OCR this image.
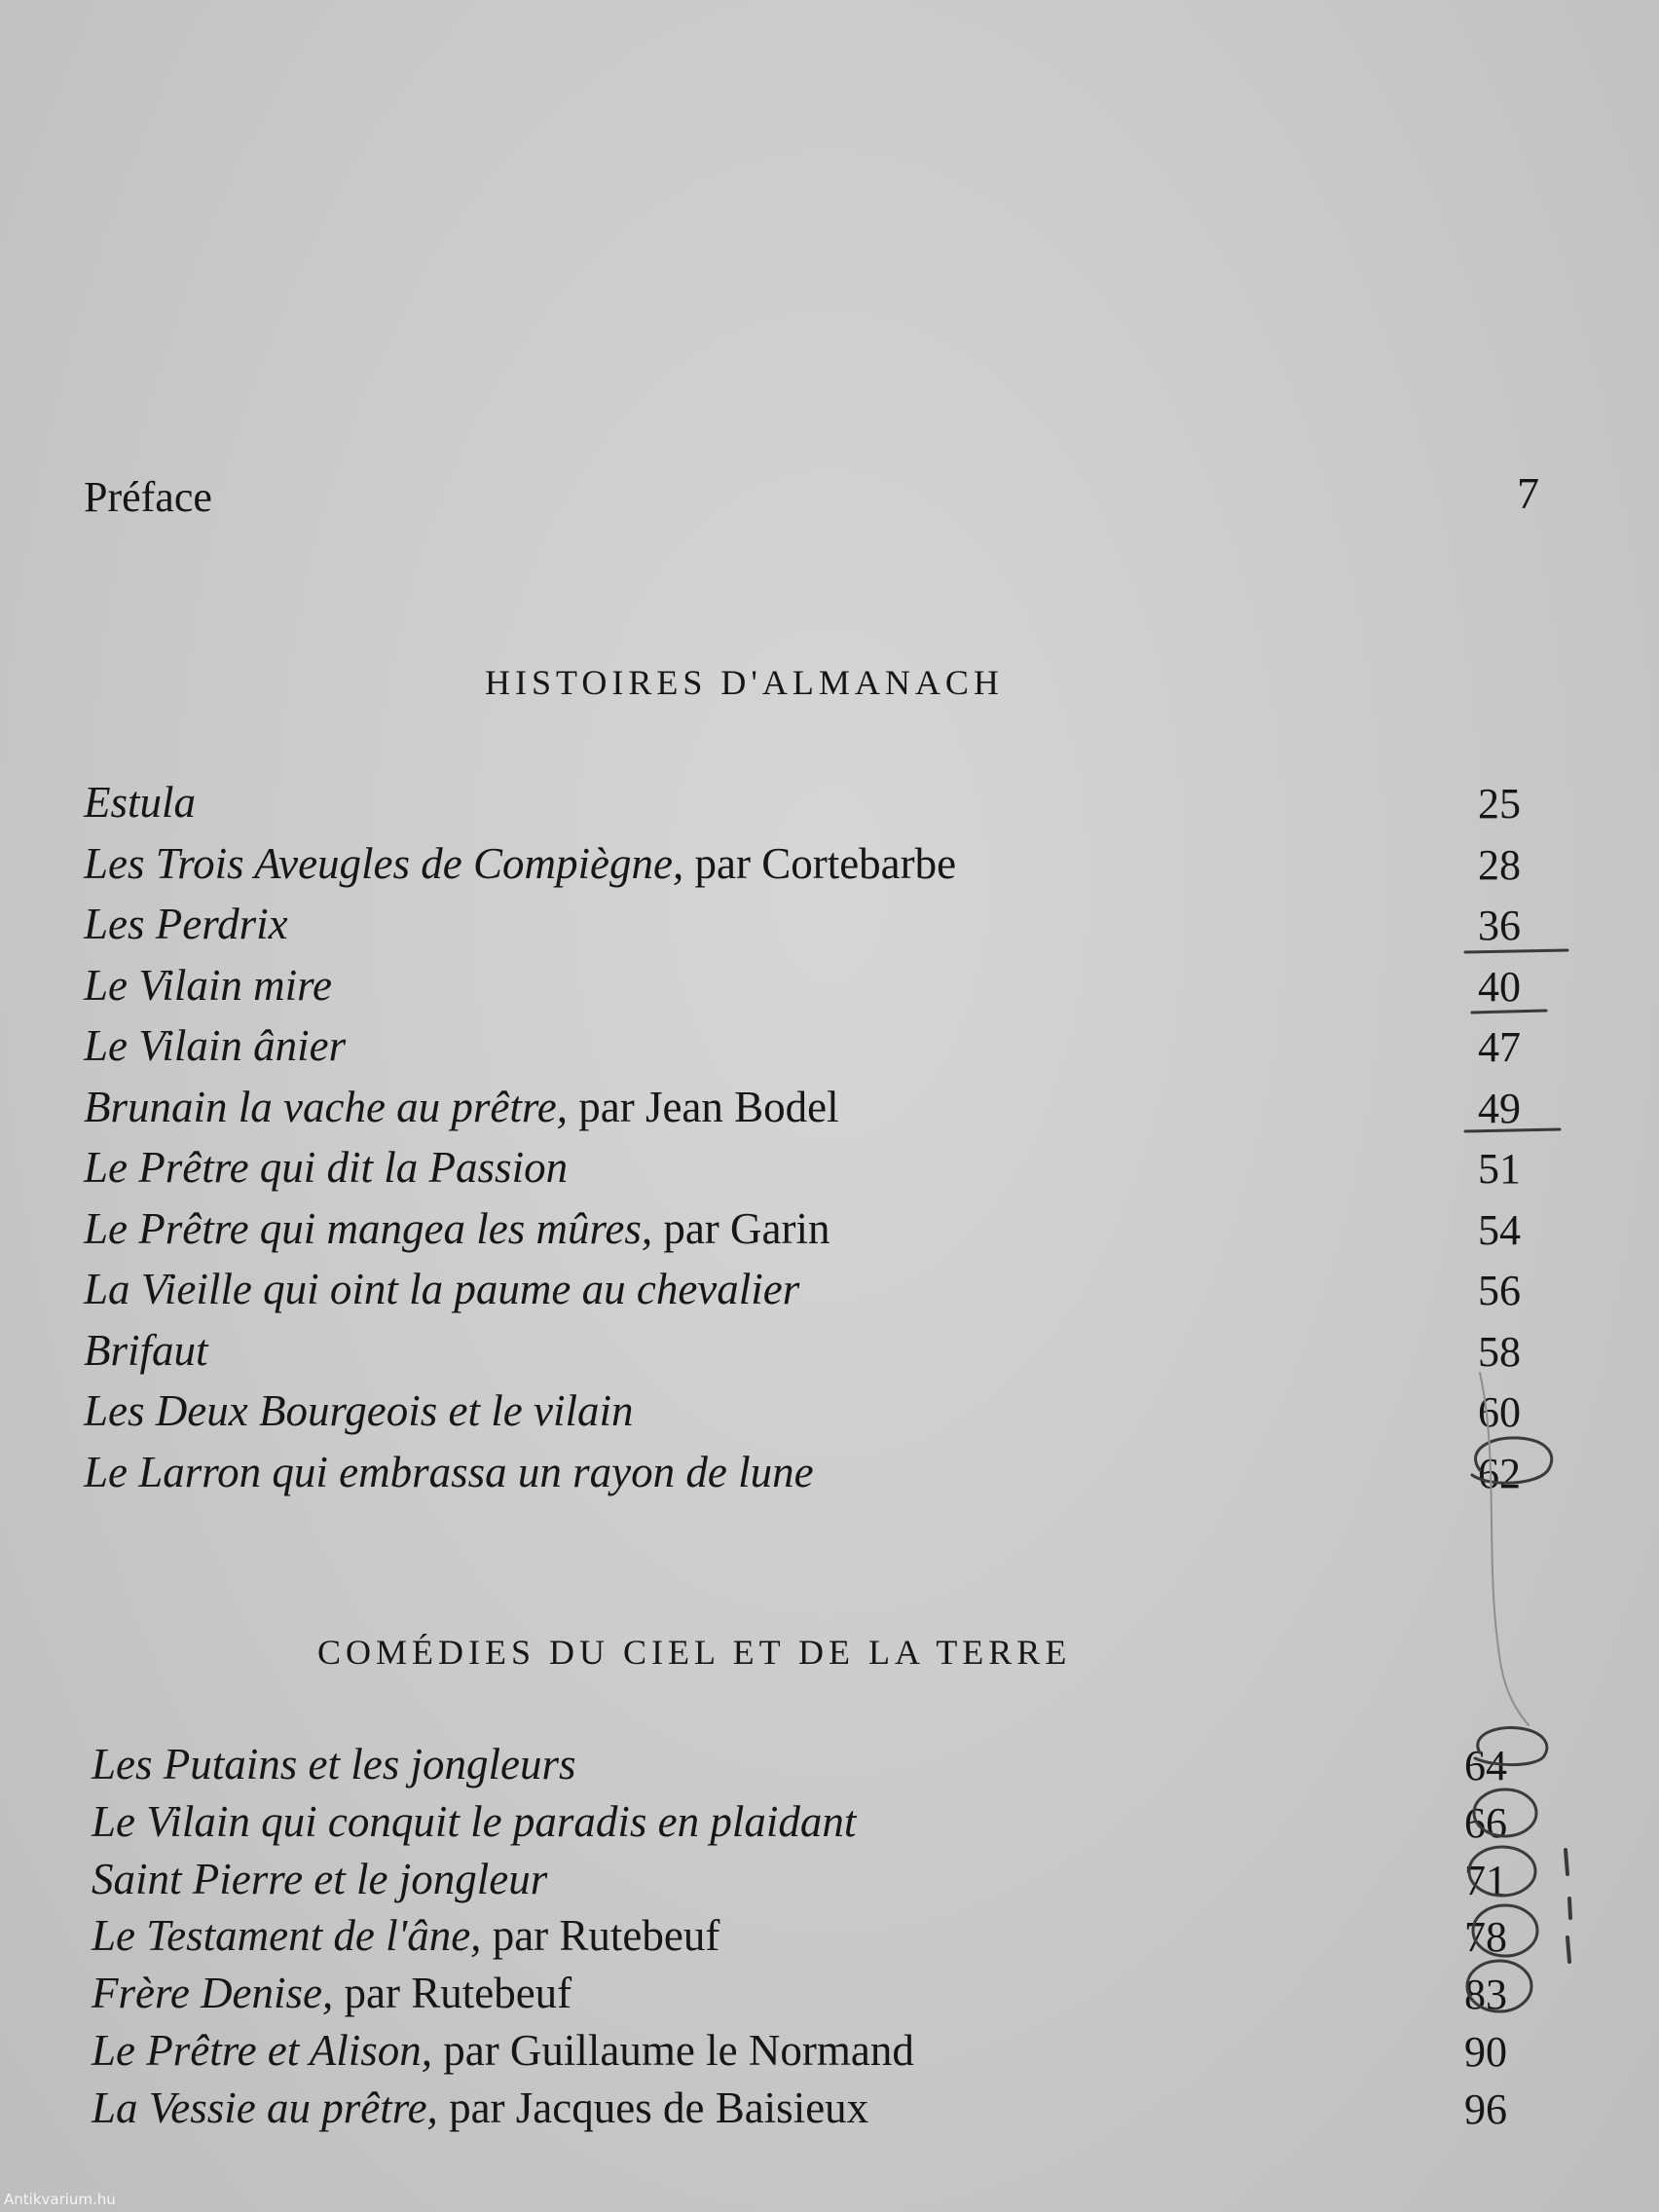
Préface	7
HISTOIRES D'ALMANACH
Estula	25
Les Trois Aveugles de Compiègne, par Cortebarbe	28
Les Perdrix	36
Le Vilain mire	40
Le Vilain ânier	47
Brunain la vache au prêtre, par Jean Bodel	49
Le Prêtre qui dit la Passion	51
Le Prêtre qui mangea les mûres, par Garin	54
La Vieille qui oint la paume au chevalier	56
Brifaut	58
Les Deux Bourgeois et le vilain	60
Le Larron qui embrassa un rayon de lune	62
COMÉDIES DU CIEL ET DE LA TERRE
Les Putains et les jongleurs	64
Le Vilain qui conquit le paradis en plaidant	66
Saint Pierre et le jongleur	71
Le Testament de l'âne, par Rutebeuf	78
Frère Denise, par Rutebeuf	83
Le Prêtre et Alison, par Guillaume le Normand	90
La Vessie au prêtre, par Jacques de Baisieux	96
Antikvarium.hu
